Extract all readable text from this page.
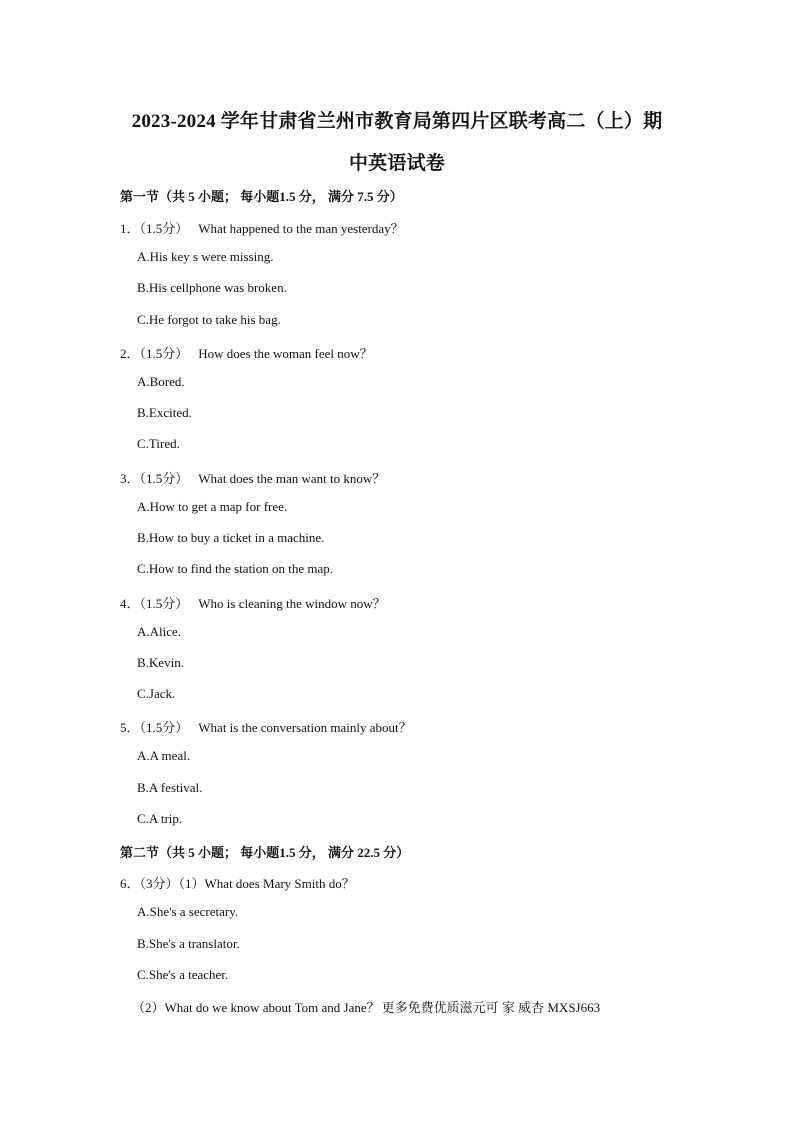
2023-2024 学年甘肃省兰州市教育局第四片区联考高二（上）期
中英语试卷
第一节（共 5 小题； 每小题1.5 分， 满分 7.5 分）
1．（1.5分） What happened to the man yesterday？
A.His key s were missing.
B.His cellphone was broken.
C.He forgot to take his bag.
2．（1.5分） How does the woman feel now？
A.Bored.
B.Excited.
C.Tired.
3．（1.5分） What does the man want to know？
A.How to get a map for free.
B.How to buy a ticket in a machine.
C.How to find the station on the map.
4．（1.5分） Who is cleaning the window now？
A.Alice.
B.Kevin.
C.Jack.
5．（1.5分） What is the conversation mainly about？
A.A meal.
B.A festival.
C.A trip.
第二节（共 5 小题； 每小题1.5 分， 满分 22.5 分）
6．（3分）（1）What does Mary Smith do？
A.She's a secretary.
B.She's a translator.
C.She's a teacher.
（2）What do we know about Tom and Jane？ 更多免费优质滋元可 家 威杏 MXSJ663
